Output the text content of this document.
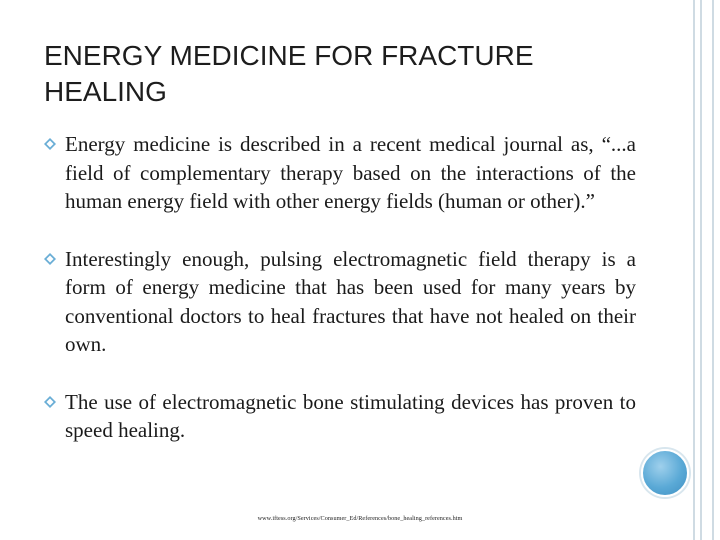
ENERGY MEDICINE FOR FRACTURE HEALING
Energy medicine is described in a recent medical journal as, “...a field of complementary therapy based on the interactions of the human energy field with other energy fields (human or other).”
Interestingly enough, pulsing electromagnetic field therapy is a form of energy medicine that has been used for many years by conventional doctors to heal fractures that have not healed on their own.
The use of electromagnetic bone stimulating devices has proven to speed healing.
www.iftess.org/Services/Consumer_Ed/References/bone_healing_references.htm
